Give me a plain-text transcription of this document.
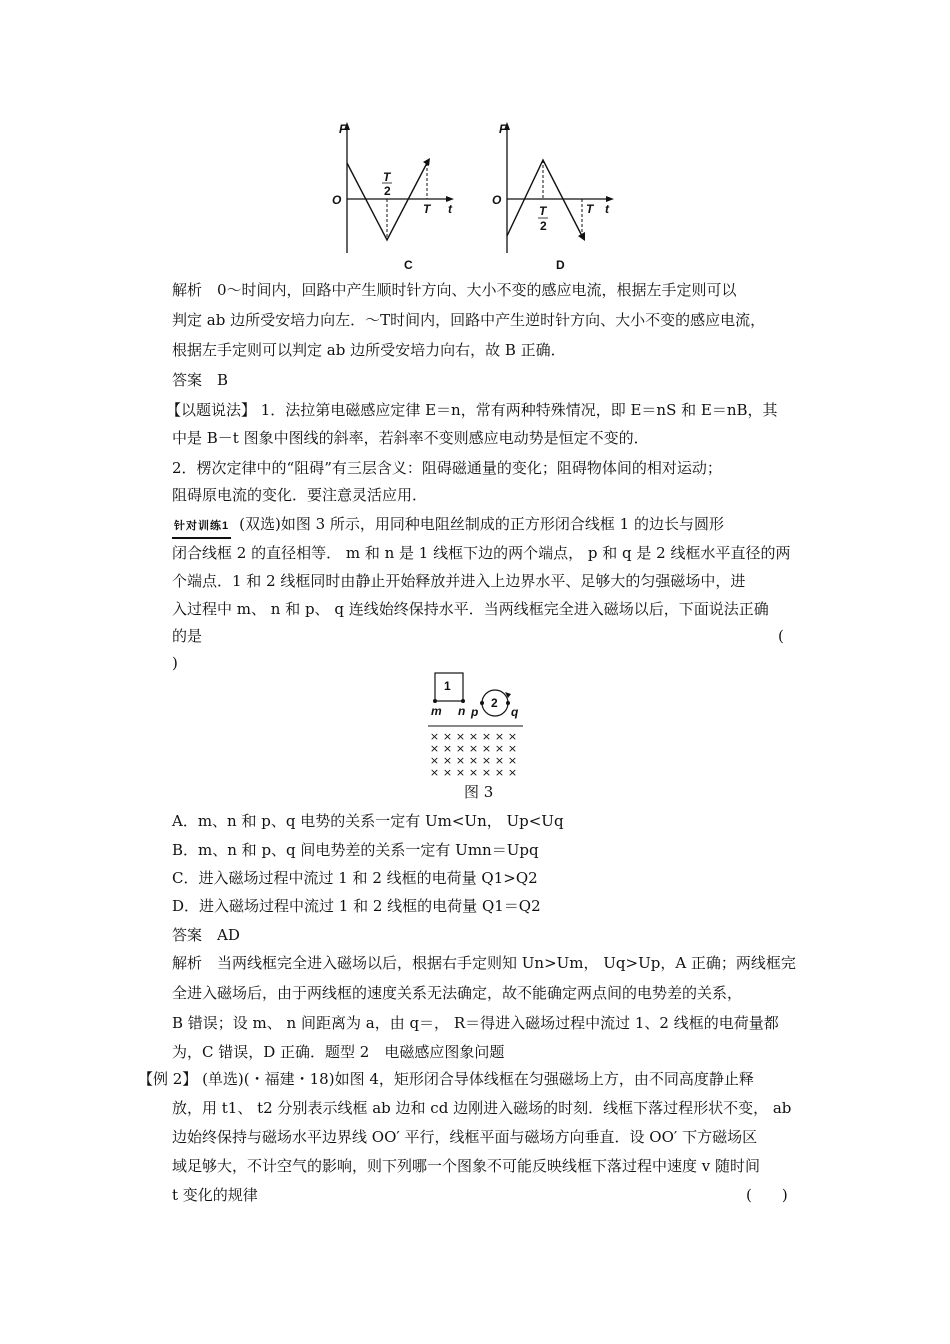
F
O
T
2
T t
C
F
O
T
2
T t
D
解析　0～时间内，回路中产生顺时针方向、大小不变的感应电流，根据左手定则可以
判定 ab 边所受安培力向左．～T时间内，回路中产生逆时针方向、大小不变的感应电流，
根据左手定则可以判定 ab 边所受安培力向右，故 B 正确．
答案　B
【以题说法】 1．法拉第电磁感应定律 E＝n，常有两种特殊情况，即 E＝nS 和 E＝nB，其
中是 B－t 图象中图线的斜率，若斜率不变则感应电动势是恒定不变的．
2．楞次定律中的“阻碍”有三层含义：阻碍磁通量的变化；阻碍物体间的相对运动；
阻碍原电流的变化．要注意灵活应用．
针对训练1 (双选)如图 3 所示，用同种电阻丝制成的正方形闭合线框 1 的边长与圆形
闭合线框 2 的直径相等． m 和 n 是 1 线框下边的两个端点， p 和 q 是 2 线框水平直径的两
个端点．1 和 2 线框同时由静止开始释放并进入上边界水平、足够大的匀强磁场中，进
入过程中 m、 n 和 p、 q 连线始终保持水平．当两线框完全进入磁场以后，下面说法正确
的是	(
)
1
2
m n p	q
× × × × × × ×
× × × × × × ×
× × × × × × ×
× × × × × × ×
图 3
A．m、n 和 p、q 电势的关系一定有 Um<Un， Up<Uq
B．m、n 和 p、q 间电势差的关系一定有 Umn＝Upq
C．进入磁场过程中流过 1 和 2 线框的电荷量 Q1>Q2
D．进入磁场过程中流过 1 和 2 线框的电荷量 Q1＝Q2
答案　AD
解析　当两线框完全进入磁场以后，根据右手定则知 Un>Um， Uq>Up，A 正确；两线框完
全进入磁场后，由于两线框的速度关系无法确定，故不能确定两点间的电势差的关系，
B 错误；设 m、 n 间距离为 a，由 q＝， R＝得进入磁场过程中流过 1、2 线框的电荷量都
为，C 错误，D 正确．题型 2　电磁感应图象问题
【例 2】 (单选)(・福建・18)如图 4，矩形闭合导体线框在匀强磁场上方，由不同高度静止释
放，用 t1、 t2 分别表示线框 ab 边和 cd 边刚进入磁场的时刻．线框下落过程形状不变， ab
边始终保持与磁场水平边界线 OO′ 平行，线框平面与磁场方向垂直．设 OO′ 下方磁场区
域足够大，不计空气的影响，则下列哪一个图象不可能反映线框下落过程中速度 v 随时间
t 变化的规律	(　　)
